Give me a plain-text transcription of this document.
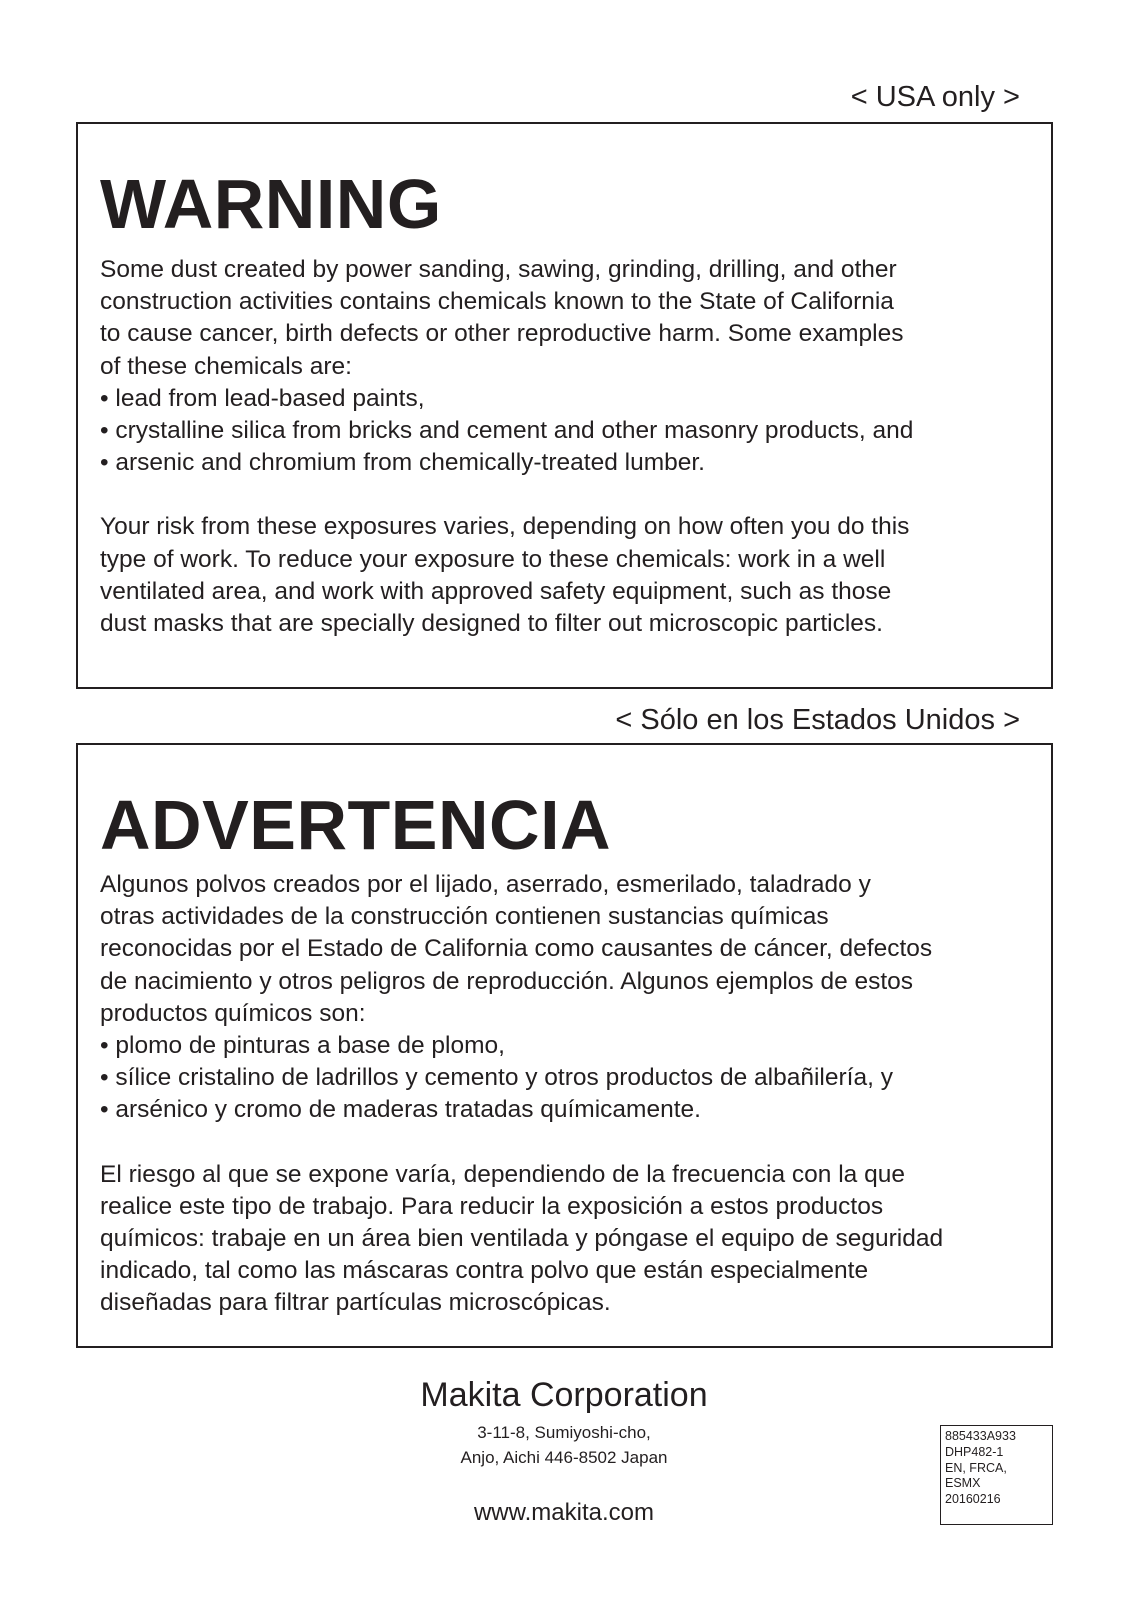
< USA only >
WARNING

Some dust created by power sanding, sawing, grinding, drilling, and other
construction activities contains chemicals known to the State of California
to cause cancer, birth defects or other reproductive harm. Some examples
of these chemicals are:

• lead from lead-based paints,
• crystalline silica from bricks and cement and other masonry products, and
• arsenic and chromium from chemically-treated lumber.

Your risk from these exposures varies, depending on how often you do this
type of work. To reduce your exposure to these chemicals: work in a well
ventilated area, and work with approved safety equipment, such as those
dust masks that are specially designed to filter out microscopic particles.

< Sólo en los Estados Unidos >
ADVERTENCIA

Algunos polvos creados por el lijado, aserrado, esmerilado, taladrado y
otras actividades de la construcción contienen sustancias químicas
reconocidas por el Estado de California como causantes de cáncer, defectos
de nacimiento y otros peligros de reproducción. Algunos ejemplos de estos
productos químicos son:

• plomo de pinturas a base de plomo,
• sílice cristalino de ladrillos y cemento y otros productos de albañilería, y
• arsénico y cromo de maderas tratadas químicamente.

El riesgo al que se expone varía, dependiendo de la frecuencia con la que
realice este tipo de trabajo. Para reducir la exposición a estos productos
químicos: trabaje en un área bien ventilada y póngase el equipo de seguridad
indicado, tal como las máscaras contra polvo que están especialmente
diseñadas para filtrar partículas microscópicas.

Makita Corporation
3-11-8, Sumiyoshi-cho,
Anjo, Aichi 446-8502 Japan
www.makita.com
885433A933
DHP482-1
EN, FRCA,
ESMX
20160216
